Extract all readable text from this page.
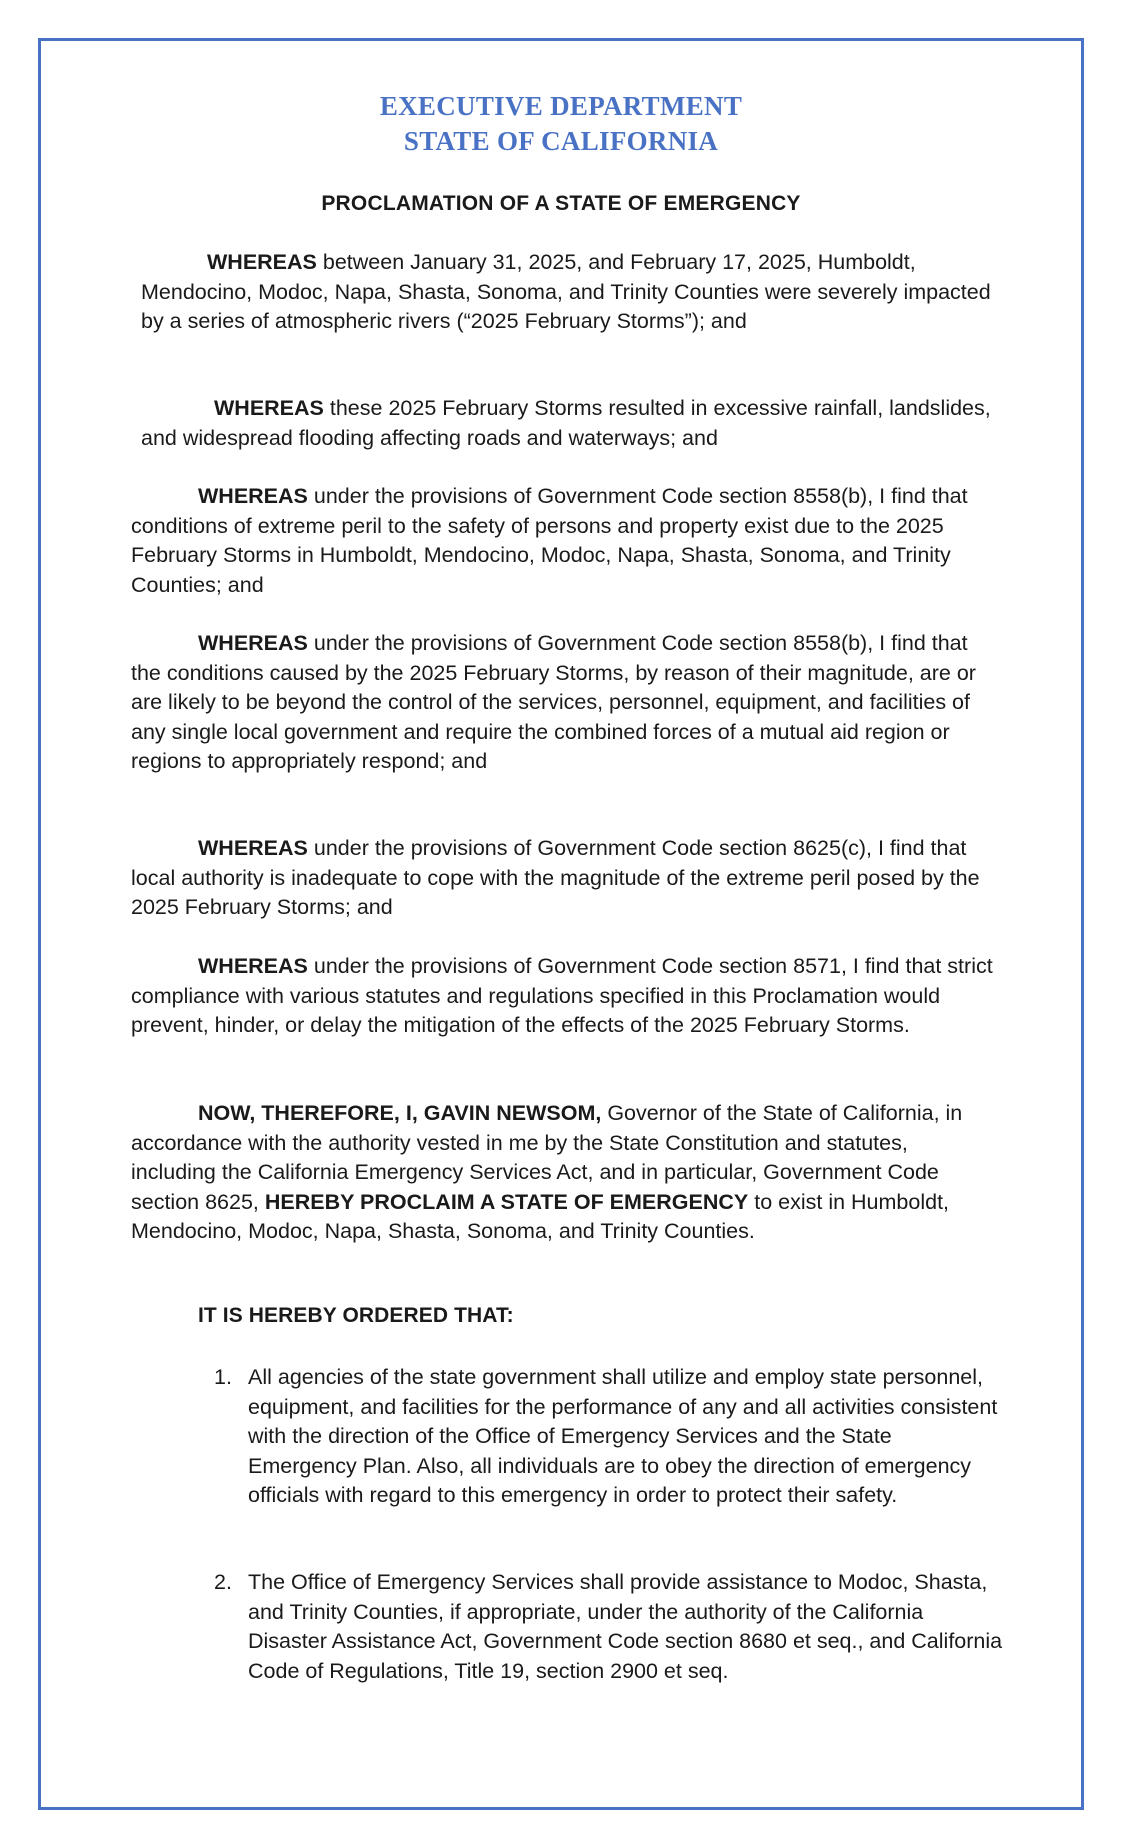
EXECUTIVE DEPARTMENT
STATE OF CALIFORNIA
PROCLAMATION OF A STATE OF EMERGENCY

WHEREAS between January 31, 2025, and February 17, 2025, Humboldt, Mendocino, Modoc, Napa, Shasta, Sonoma, and Trinity Counties were severely impacted by a series of atmospheric rivers (“2025 February Storms”); and

WHEREAS these 2025 February Storms resulted in excessive rainfall, landslides, and widespread flooding affecting roads and waterways; and

WHEREAS under the provisions of Government Code section 8558(b), I find that conditions of extreme peril to the safety of persons and property exist due to the 2025 February Storms in Humboldt, Mendocino, Modoc, Napa, Shasta, Sonoma, and Trinity Counties; and

WHEREAS under the provisions of Government Code section 8558(b), I find that the conditions caused by the 2025 February Storms, by reason of their magnitude, are or are likely to be beyond the control of the services, personnel, equipment, and facilities of any single local government and require the combined forces of a mutual aid region or regions to appropriately respond; and

WHEREAS under the provisions of Government Code section 8625(c), I find that local authority is inadequate to cope with the magnitude of the extreme peril posed by the 2025 February Storms; and

WHEREAS under the provisions of Government Code section 8571, I find that strict compliance with various statutes and regulations specified in this Proclamation would prevent, hinder, or delay the mitigation of the effects of the 2025 February Storms.

NOW, THEREFORE, I, GAVIN NEWSOM, Governor of the State of California, in accordance with the authority vested in me by the State Constitution and statutes, including the California Emergency Services Act, and in particular, Government Code section 8625, HEREBY PROCLAIM A STATE OF EMERGENCY to exist in Humboldt, Mendocino, Modoc, Napa, Shasta, Sonoma, and Trinity Counties.

IT IS HEREBY ORDERED THAT:
1. All agencies of the state government shall utilize and employ state personnel, equipment, and facilities for the performance of any and all activities consistent with the direction of the Office of Emergency Services and the State Emergency Plan. Also, all individuals are to obey the direction of emergency officials with regard to this emergency in order to protect their safety.
2. The Office of Emergency Services shall provide assistance to Modoc, Shasta, and Trinity Counties, if appropriate, under the authority of the California Disaster Assistance Act, Government Code section 8680 et seq., and California Code of Regulations, Title 19, section 2900 et seq.
